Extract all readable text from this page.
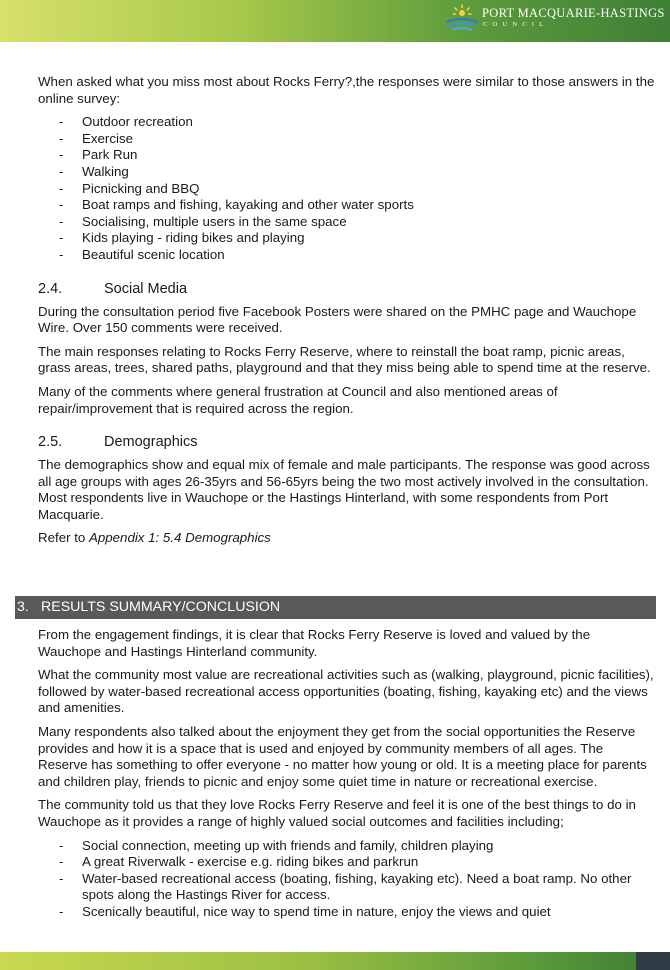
PORT MACQUARIE-HASTINGS
COUNCIL

When asked what you miss most about Rocks Ferry?,the responses were similar to those answers in the online survey:

- Outdoor recreation
- Exercise
- Park Run
- Walking
- Picnicking and BBQ
- Boat ramps and fishing, kayaking and other water sports
- Socialising, multiple users in the same space
- Kids playing - riding bikes and playing
- Beautiful scenic location
2.4.	Social Media

During the consultation period five Facebook Posters were shared on the PMHC page and Wauchope Wire. Over 150 comments were received.

The main responses relating to Rocks Ferry Reserve, where to reinstall the boat ramp, picnic areas, grass areas, trees, shared paths, playground and that they miss being able to spend time at the reserve.

Many of the comments where general frustration at Council and also mentioned areas of repair/improvement that is required across the region.

2.5.	Demographics

The demographics show and equal mix of female and male participants. The response was good across all age groups with ages 26-35yrs and 56-65yrs being the two most actively involved in the consultation. Most respondents live in Wauchope or the Hastings Hinterland, with some respondents from Port Macquarie.

Refer to Appendix 1: 5.4 Demographics

3. RESULTS SUMMARY/CONCLUSION

From the engagement findings, it is clear that Rocks Ferry Reserve is loved and valued by the Wauchope and Hastings Hinterland community.

What the community most value are recreational activities such as (walking, playground, picnic facilities), followed by water-based recreational access opportunities (boating, fishing, kayaking etc) and the views and amenities.

Many respondents also talked about the enjoyment they get from the social opportunities the Reserve provides and how it is a space that is used and enjoyed by community members of all ages. The Reserve has something to offer everyone - no matter how young or old. It is a meeting place for parents and children play, friends to picnic and enjoy some quiet time in nature or recreational exercise.

The community told us that they love Rocks Ferry Reserve and feel it is one of the best things to do in Wauchope as it provides a range of highly valued social outcomes and facilities including;

- Social connection, meeting up with friends and family, children playing
- A great Riverwalk - exercise e.g. riding bikes and parkrun
- Water-based recreational access (boating, fishing, kayaking etc). Need a boat ramp. No other spots along the Hastings River for access.
- Scenically beautiful, nice way to spend time in nature, enjoy the views and quiet
